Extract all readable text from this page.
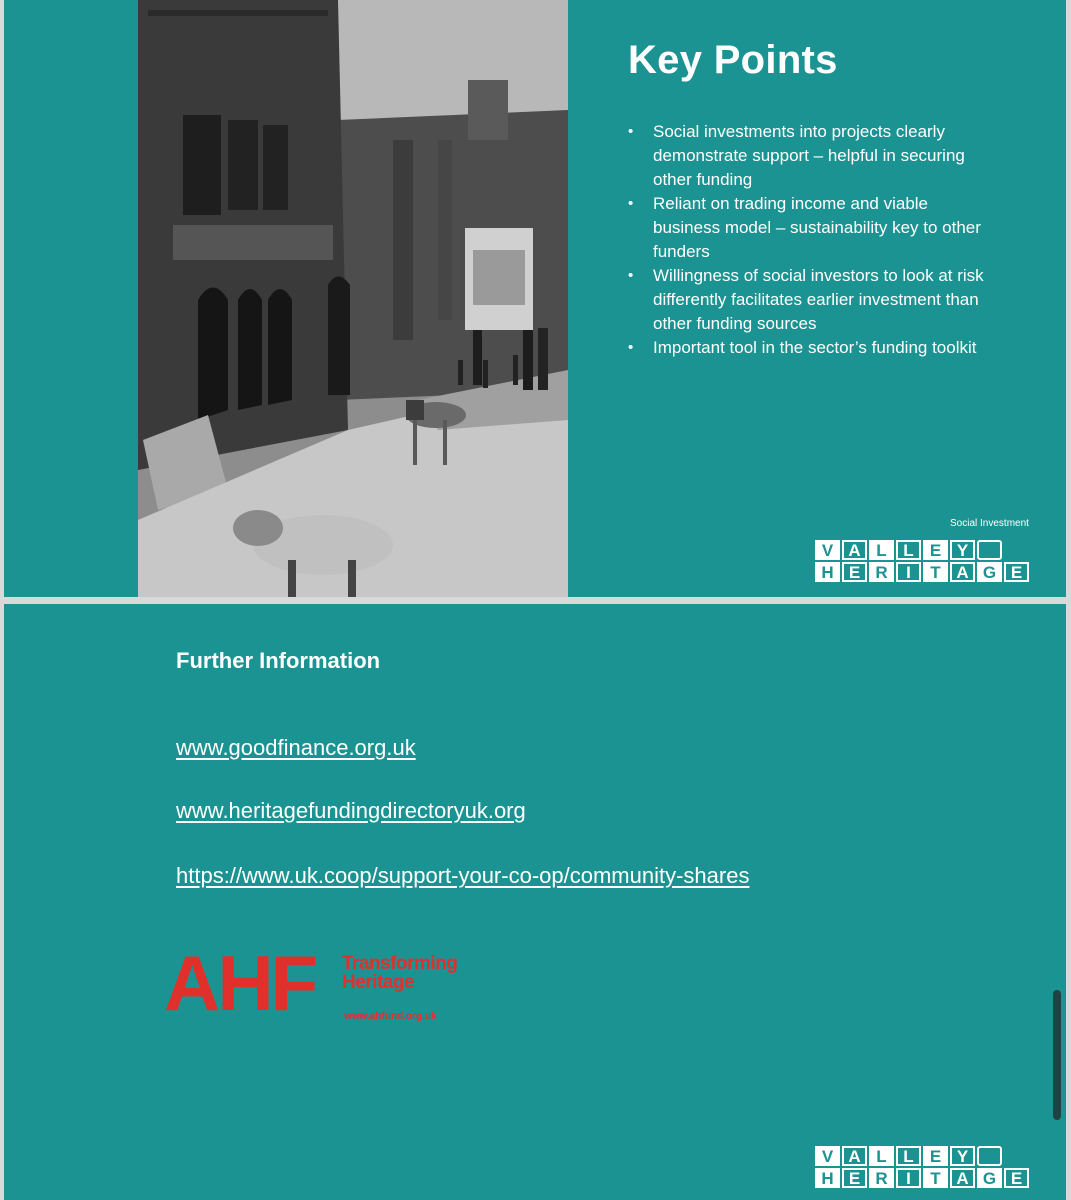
Key Points
• Social investments into projects clearly demonstrate support – helpful in securing other funding
• Reliant on trading income and viable business model – sustainability key to other funders
• Willingness of social investors to look at risk differently facilitates earlier investment than other funding sources
• Important tool in the sector’s funding toolkit
Social Investment
V A L L E Y
H E R	I	T A G E
Further Information
www.goodfinance.org.uk
www.heritagefundingdirectoryuk.org
https://www.uk.coop/support-your-co-op/community-shares
AHF Transforming
Heritage
www.ahfund.org.uk
V A L L E Y
H E R	I	T A G E
